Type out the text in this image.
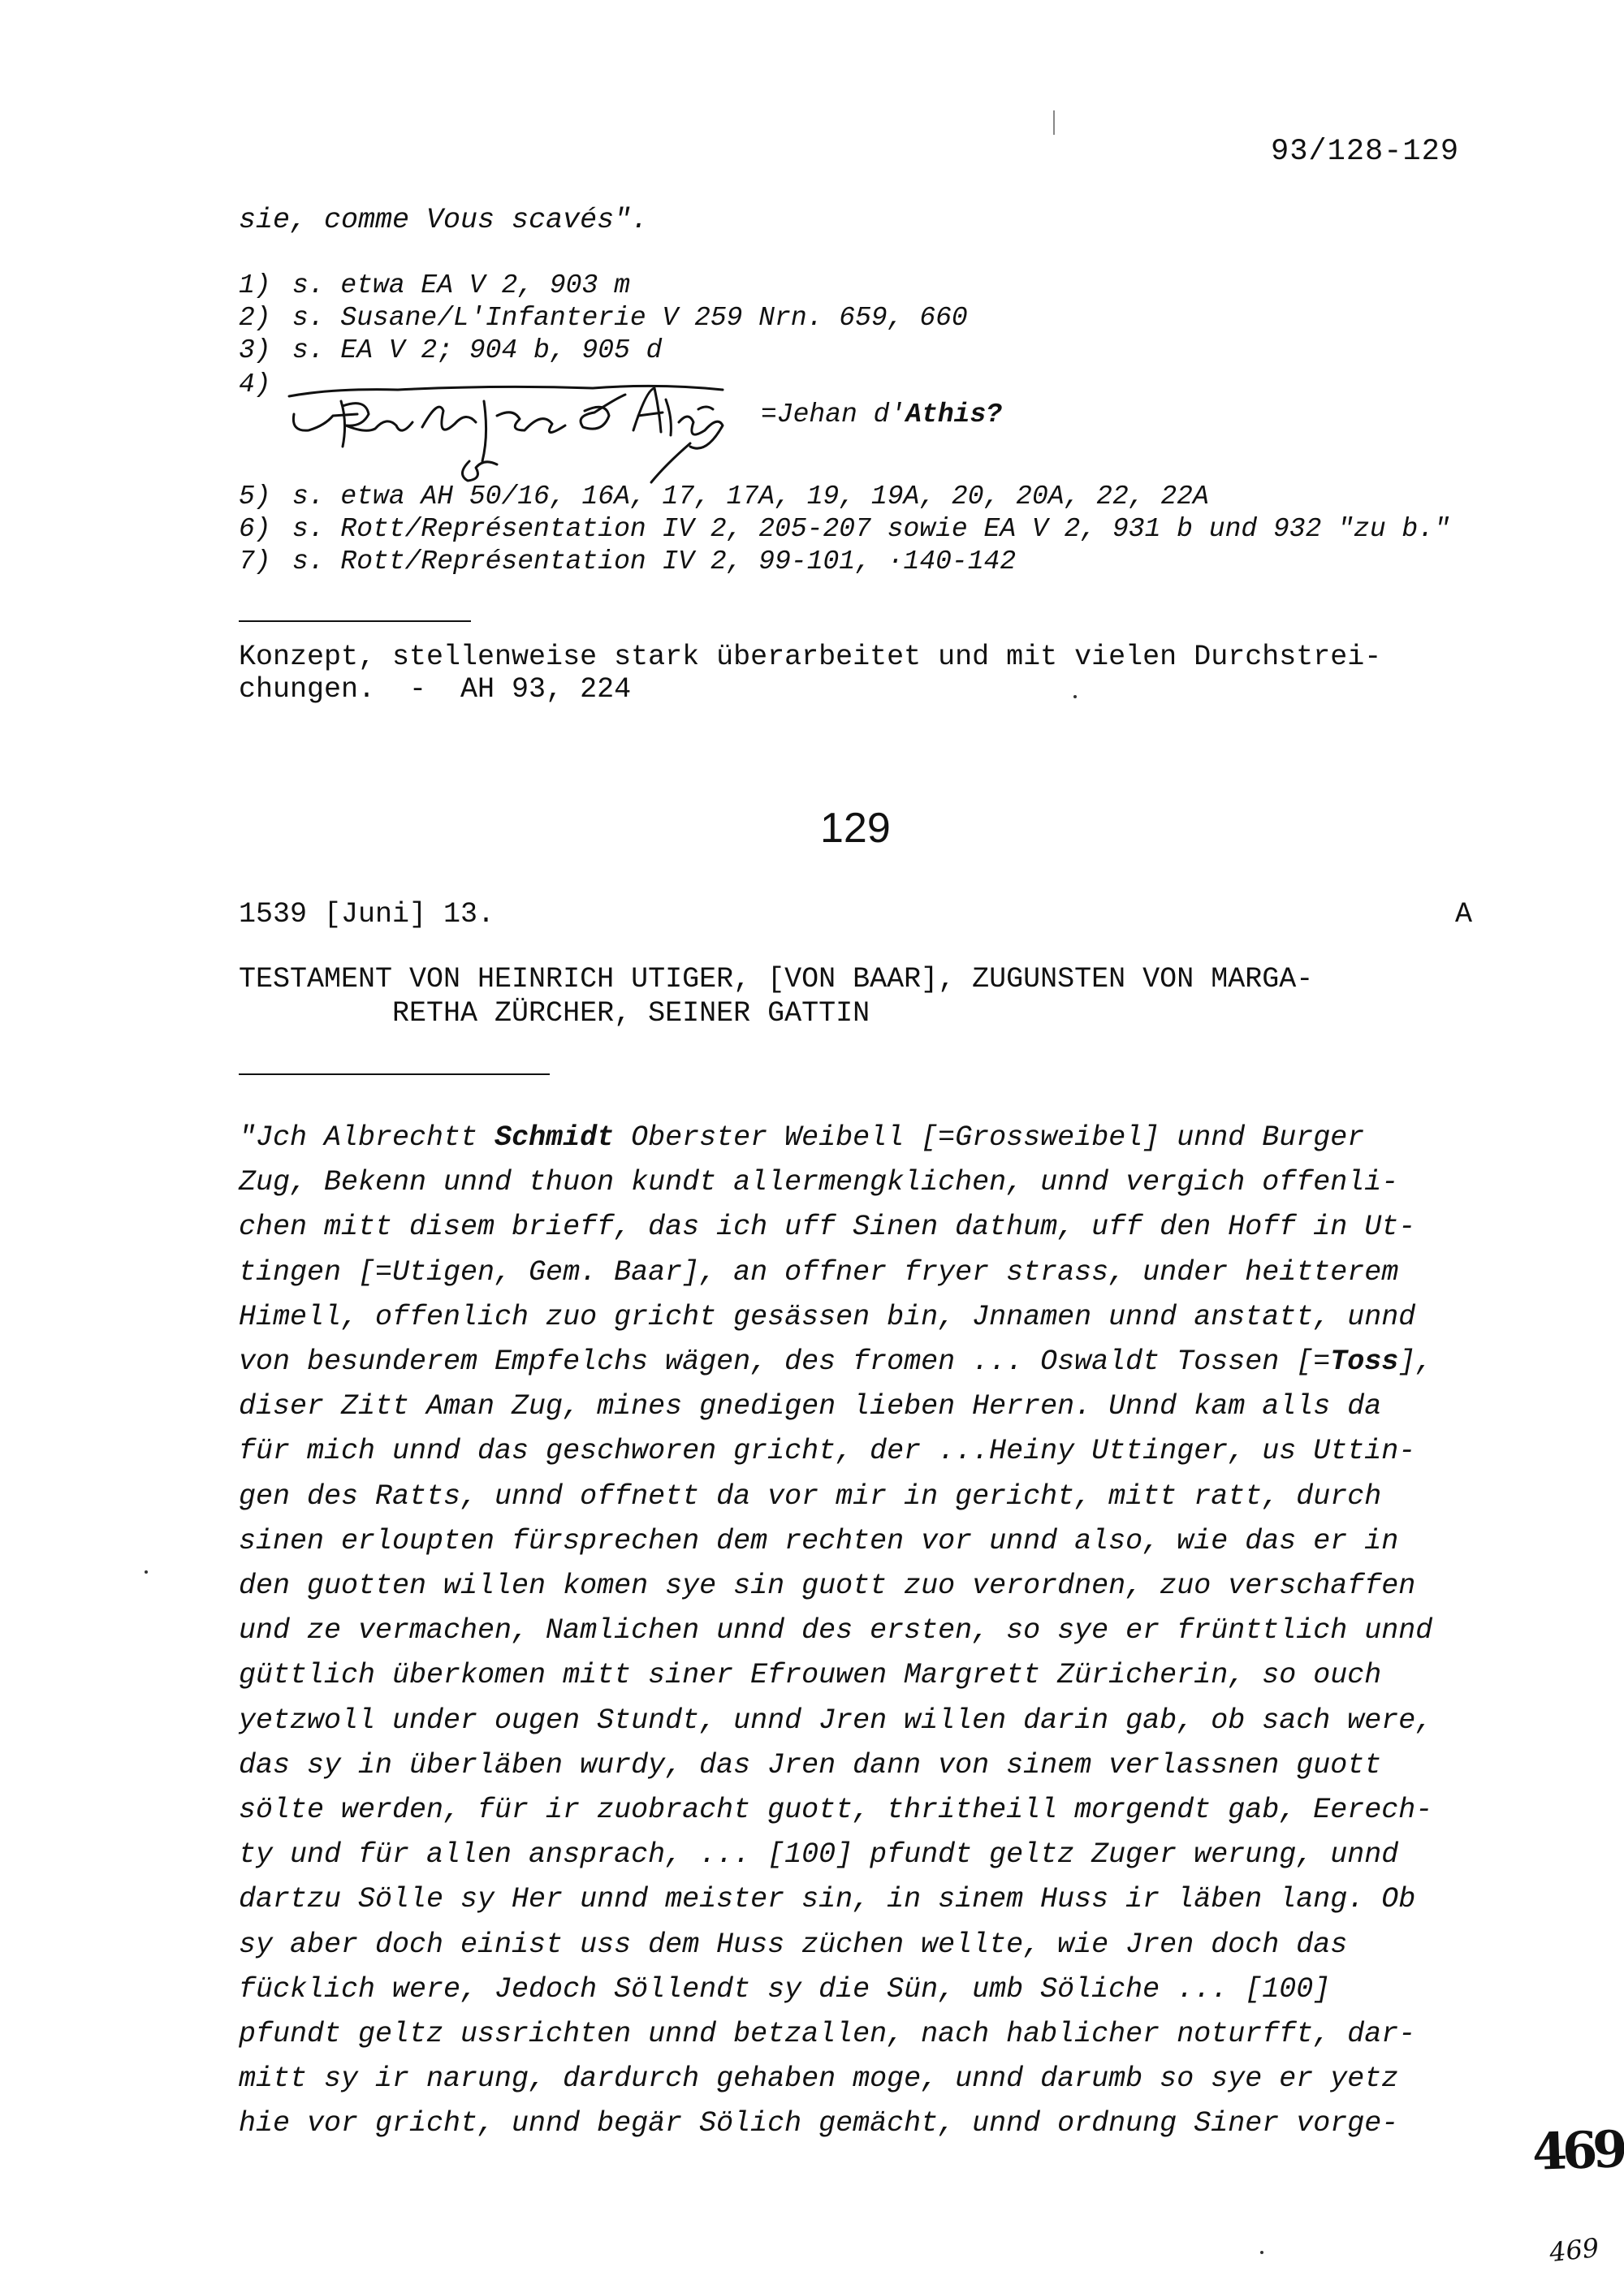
93/128-129
sie, comme Vous scavés".
1) s. etwa EA V 2, 903 m
2) s. Susane/L'Infanterie V 259 Nrn. 659, 660
3) s. EA V 2; 904 b, 905 d
4)
5) s. etwa AH 50/16, 16A, 17, 17A, 19, 19A, 20, 20A, 22, 22A
6) s. Rott/Représentation IV 2, 205-207 sowie EA V 2, 931 b und 932 "zu b."
7) s. Rott/Représentation IV 2, 99-101, ·140-142
=Jehan d'Athis?
Konzept, stellenweise stark überarbeitet und mit vielen Durchstrei-
chungen.  -  AH 93, 224
129
1539 [Juni] 13.	A
TESTAMENT VON HEINRICH UTIGER, [VON BAAR], ZUGUNSTEN VON MARGA-
RETHA ZÜRCHER, SEINER GATTIN
"Jch Albrechtt Schmidt Oberster Weibell [=Grossweibel] unnd Burger
Zug, Bekenn unnd thuon kundt allermengklichen, unnd vergich offenli-
chen mitt disem brieff, das ich uff Sinen dathum, uff den Hoff in Ut-
tingen [=Utigen, Gem. Baar], an offner fryer strass, under heitterem
Himell, offenlich zuo gricht gesässen bin, Jnnamen unnd anstatt, unnd
von besunderem Empfelchs wägen, des fromen ... Oswaldt Tossen [=Toss],
diser Zitt Aman Zug, mines gnedigen lieben Herren. Unnd kam alls da
für mich unnd das geschworen gricht, der ...Heiny Uttinger, us Uttin-
gen des Ratts, unnd offnett da vor mir in gericht, mitt ratt, durch
sinen erloupten fürsprechen dem rechten vor unnd also, wie das er in
den guotten willen komen sye sin guott zuo verordnen, zuo verschaffen
und ze vermachen, Namlichen unnd des ersten, so sye er frünttlich unnd
güttlich überkomen mitt siner Efrouwen Margrett Züricherin, so ouch
yetzwoll under ougen Stundt, unnd Jren willen darin gab, ob sach were,
das sy in überläben wurdy, das Jren dann von sinem verlassnen guott
sölte werden, für ir zuobracht guott, thritheill morgendt gab, Eerech-
ty und für allen ansprach, ... [100] pfundt geltz Zuger werung, unnd
dartzu Sölle sy Her unnd meister sin, in sinem Huss ir läben lang. Ob
sy aber doch einist uss dem Huss züchen wellte, wie Jren doch das
fücklich were, Jedoch Söllendt sy die Sün, umb Söliche ... [100]
pfundt geltz ussrichten unnd betzallen, nach hablicher noturfft, dar-
mitt sy ir narung, dardurch gehaben moge, unnd darumb so sye er yetz
hie vor gricht, unnd begär Sölich gemächt, unnd ordnung Siner vorge-	469
469
